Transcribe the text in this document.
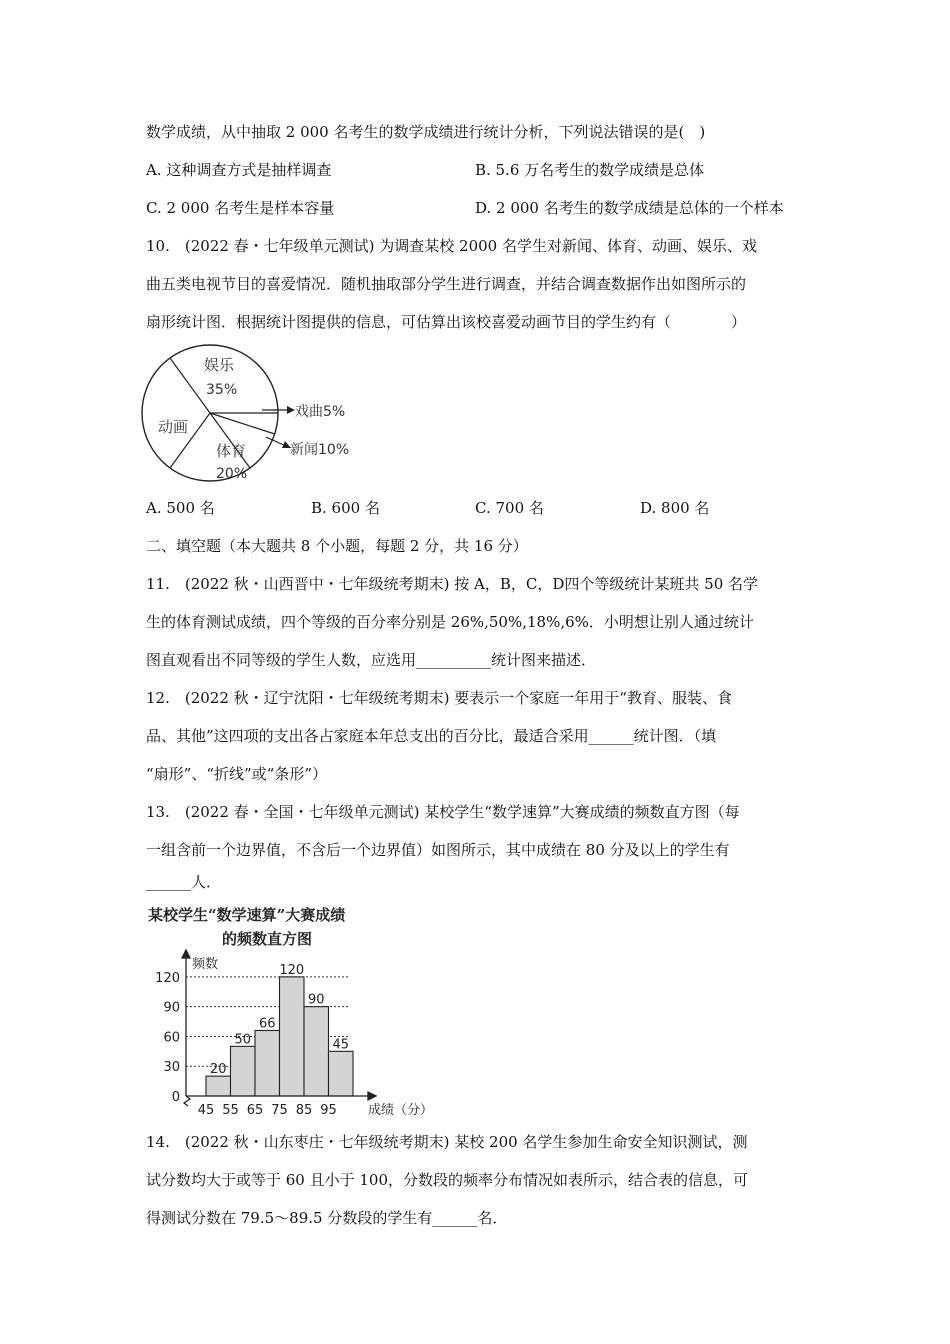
数学成绩，从中抽取 2 000 名考生的数学成绩进行统计分析，下列说法错误的是(　)
A. 这种调查方式是抽样调查	B. 5.6 万名考生的数学成绩是总体
C. 2 000 名考生是样本容量	D. 2 000 名考生的数学成绩是总体的一个样本
10.　(2022 春・七年级单元测试) 为调查某校 2000 名学生对新闻、体育、动画、娱乐、戏
曲五类电视节目的喜爱情况．随机抽取部分学生进行调查，并结合调查数据作出如图所示的
扇形统计图．根据统计图提供的信息，可估算出该校喜爱动画节目的学生约有（　　　　）
娱乐
35%
动画
体育
20%
戏曲5%
新闻10%
A. 500 名	B. 600 名	C. 700 名	D. 800 名
二、填空题（本大题共 8 个小题，每题 2 分，共 16 分）
11.　(2022 秋・山西晋中・七年级统考期末) 按 A，B，C，D四个等级统计某班共 50 名学
生的体育测试成绩，四个等级的百分率分别是 26%,50%,18%,6%．小明想让别人通过统计
图直观看出不同等级的学生人数，应选用__________统计图来描述．
12.　(2022 秋・辽宁沈阳・七年级统考期末) 要表示一个家庭一年用于“教育、服装、食
品、其他”这四项的支出各占家庭本年总支出的百分比，最适合采用______统计图．（填
“扇形”、“折线”或“条形”）
13.　(2022 春・全国・七年级单元测试) 某校学生“数学速算”大赛成绩的频数直方图（每
一组含前一个边界值，不含后一个边界值）如图所示，其中成绩在 80 分及以上的学生有
______人．
某校学生“数学速算”大赛成绩
的频数直方图
20
50
66
120
90
45
0
30
60
90
120
45 55 65 75 85 95
频数
成绩（分）
14.　(2022 秋・山东枣庄・七年级统考期末) 某校 200 名学生参加生命安全知识测试，测
试分数均大于或等于 60 且小于 100，分数段的频率分布情况如表所示，结合表的信息，可
得测试分数在 79.5～89.5 分数段的学生有______名．
